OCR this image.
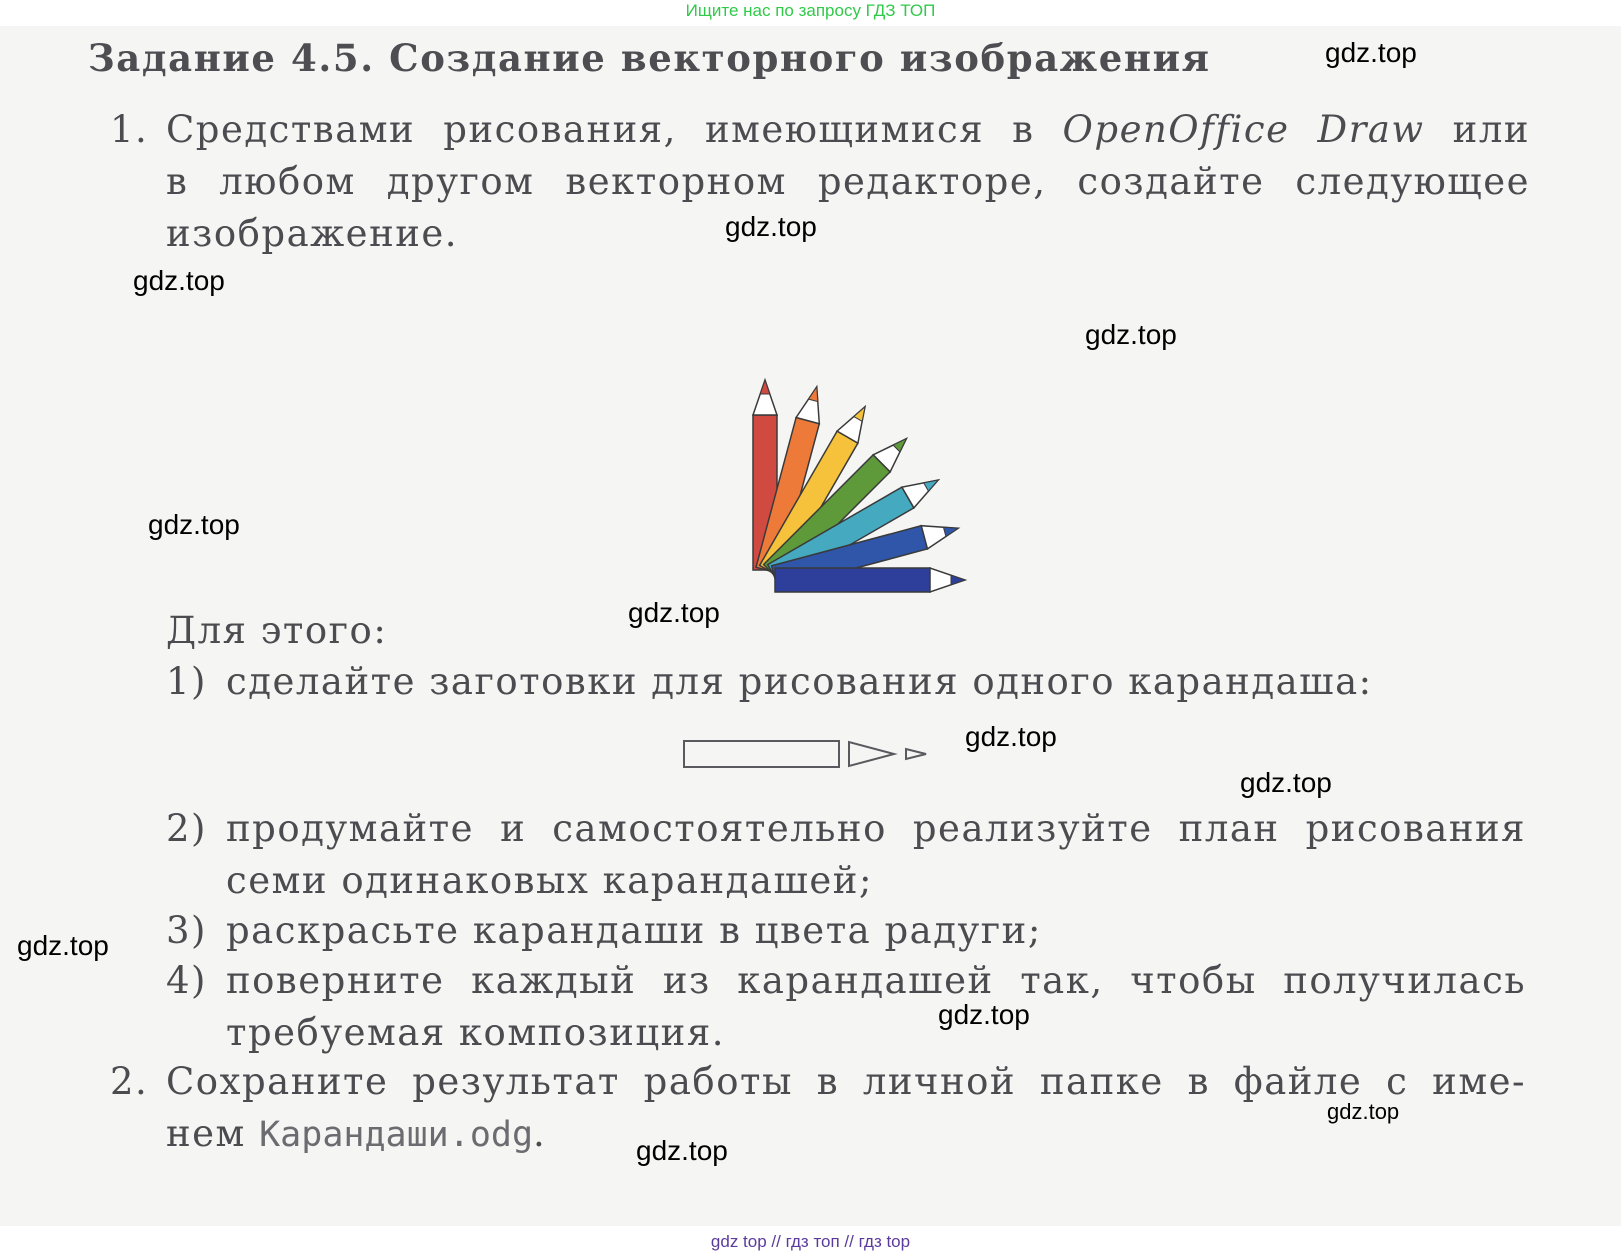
Ищите нас по запросу ГДЗ ТОП
Задание 4.5. Создание векторного изображения
1. Средствами рисования, имеющимися в OpenOffice Draw или
в любом другом векторном редакторе, создайте следующее
изображение.
Для этого:
1) сделайте заготовки для рисования одного карандаша:
2) продумайте и самостоятельно реализуйте план рисования
семи одинаковых карандашей;
3) раскрасьте карандаши в цвета радуги;
4) поверните каждый из карандашей так, чтобы получилась
требуемая композиция.
2. Сохраните результат работы в личной папке в файле с име-
нем Карандаши.odg.
gdz.top
gdz.top
gdz.top
gdz.top
gdz.top
gdz.top
gdz.top
gdz.top
gdz.top
gdz.top
gdz.top
gdz.top
gdz top // гдз топ // гдз top
